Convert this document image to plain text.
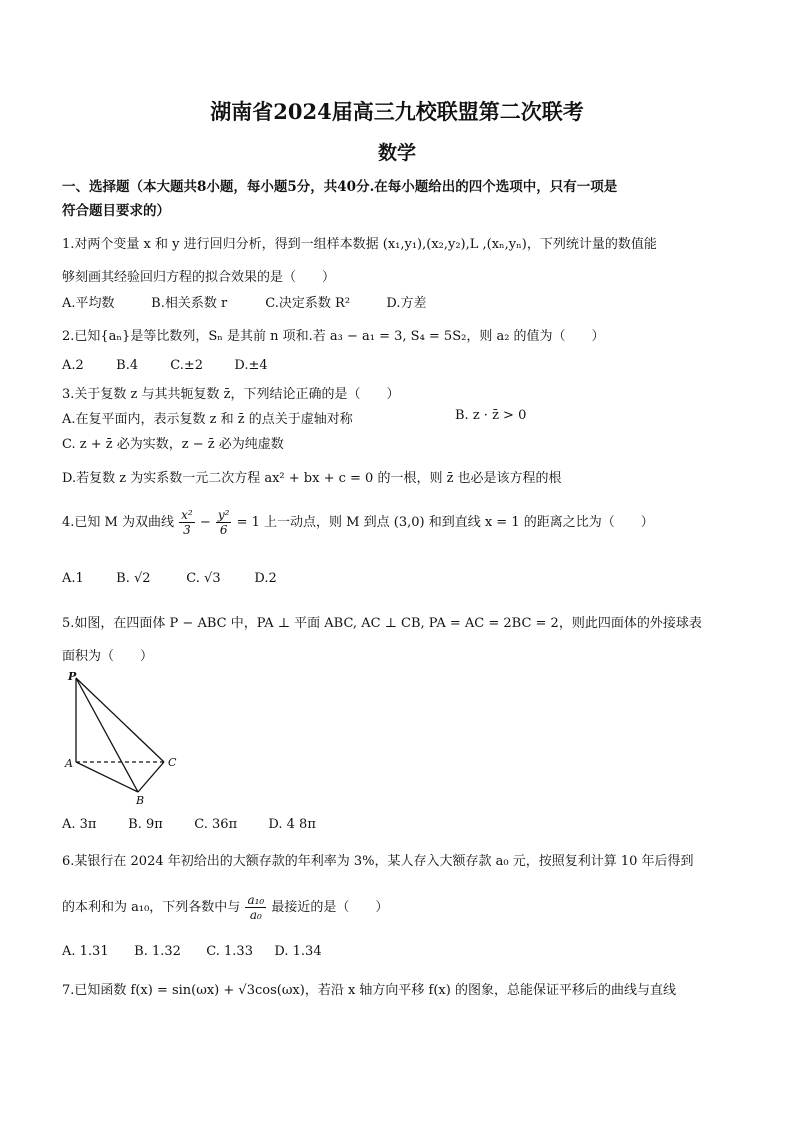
湖南省2024届高三九校联盟第二次联考
数学
一、选择题（本大题共8小题，每小题5分，共40分.在每小题给出的四个选项中，只有一项是
符合题目要求的）
1.对两个变量 x 和 y 进行回归分析，得到一组样本数据 (x₁,y₁),(x₂,y₂),L ,(xₙ,yₙ)，下列统计量的数值能
够刻画其经验回归方程的拟合效果的是（　　）
A.平均数	B.相关系数 r	C.决定系数 R²	D.方差
2.已知{aₙ}是等比数列，Sₙ 是其前 n 项和.若 a₃ − a₁ = 3, S₄ = 5S₂，则 a₂ 的值为（　　）
A.2 B.4 C.±2 D.±4
3.关于复数 z 与其共轭复数 z̄，下列结论正确的是（　　）
A.在复平面内，表示复数 z 和 z̄ 的点关于虚轴对称	B. z · z̄ > 0
C. z + z̄ 必为实数，z − z̄ 必为纯虚数
D.若复数 z 为实系数一元二次方程 ax² + bx + c = 0 的一根，则 z̄ 也必是该方程的根
4.已知 M 为双曲线 $\frac{\text{x²}}{3} - \frac{\text{y²}}{6} = 1$ 上一动点，则 M 到点 (3,0) 和到直线 x = 1 的距离之比为（　　）
A.1 B. √2	C. √3	D.2
5.如图，在四面体 P − ABC 中，PA ⊥ 平面 ABC, AC ⊥ CB, PA = AC = 2BC = 2，则此四面体的外接球表
面积为（　　）
P
A	C
B
A. 3π B. 9π C. 36π D. 4 8π
6.某银行在 2024 年初给出的大额存款的年利率为 3%，某人存入大额存款 a₀ 元，按照复利计算 10 年后得到
的本利和为 a₁₀，下列各数中与 $\frac{\text{a₁₀}}{\text{a₀}}$ 最接近的是（　　）
A. 1.31 B. 1.32 C. 1.33 D. 1.34
7.已知函数 f(x) = sin(ωx) + √3cos(ωx)，若沿 x 轴方向平移 f(x) 的图象，总能保证平移后的曲线与直线
